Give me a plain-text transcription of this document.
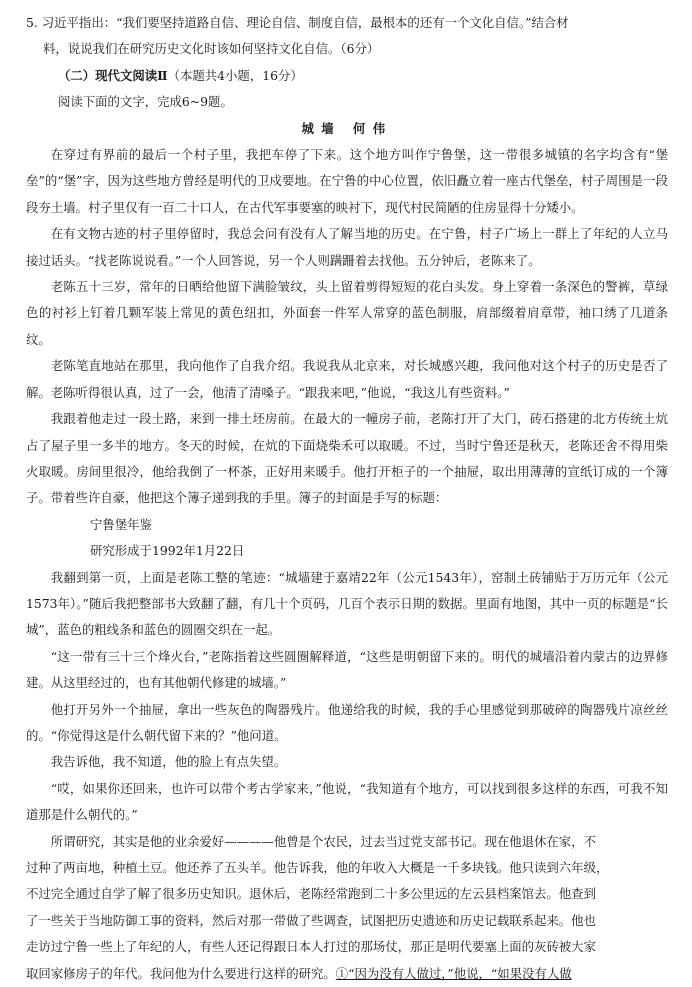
5. 习近平指出：“我们要坚持道路自信、理论自信、制度自信，最根本的还有一个文化自信。”结合材
料，说说我们在研究历史文化时该如何坚持文化自信。（6分）
（二）现代文阅读Ⅱ（本题共4小题，16分）
阅读下面的文字，完成6~9题。
城墙 何伟

在穿过有界前的最后一个村子里，我把车停了下来。这个地方叫作宁鲁堡，这一带很多城镇的名字均含有“堡垒”的“堡”字，因为这些地方曾经是明代的卫戍要地。在宁鲁的中心位置，依旧矗立着一座古代堡垒，村子周围是一段段夯土墙。村子里仅有一百二十口人，在古代军事要塞的映衬下，现代村民简陋的住房显得十分矮小。

在有文物古迹的村子里停留时，我总会问有没有人了解当地的历史。在宁鲁，村子广场上一群上了年纪的人立马接过话头。“找老陈说说看。”一个人回答说，另一个人则蹒跚着去找他。五分钟后，老陈来了。

老陈五十三岁，常年的日晒给他留下满脸皱纹，头上留着剪得短短的花白头发。身上穿着一条深色的警裤，草绿色的衬衫上钉着几颗军装上常见的黄色纽扣，外面套一件军人常穿的蓝色制服，肩部缀着肩章带，袖口绣了几道条纹。

老陈笔直地站在那里，我向他作了自我介绍。我说我从北京来，对长城感兴趣，我问他对这个村子的历史是否了解。老陈听得很认真，过了一会，他清了清嗓子。“跟我来吧，”他说，“我这儿有些资料。”

我跟着他走过一段土路，来到一排土坯房前。在最大的一幢房子前，老陈打开了大门，砖石搭建的北方传统土炕占了屋子里一多半的地方。冬天的时候，在炕的下面烧柴禾可以取暖。不过，当时宁鲁还是秋天，老陈还舍不得用柴火取暖。房间里很冷，他给我倒了一杯茶，正好用来暖手。他打开柜子的一个抽屉，取出用薄薄的宣纸订成的一个簿子。带着些许自豪，他把这个簿子递到我的手里。簿子的封面是手写的标题：

宁鲁堡年鉴
研究形成于1992年1月22日

我翻到第一页，上面是老陈工整的笔迹：“城墙建于嘉靖22年（公元1543年），窑制土砖铺贴于万历元年（公元1573年）。”随后我把整部书大致翻了翻，有几十个页码，几百个表示日期的数据。里面有地图，其中一页的标题是“长城”，蓝色的粗线条和蓝色的圆圈交织在一起。

“这一带有三十三个烽火台，”老陈指着这些圆圈解释道，“这些是明朝留下来的。明代的城墙沿着内蒙古的边界修建。从这里经过的，也有其他朝代修建的城墙。”

他打开另外一个抽屉，拿出一些灰色的陶器残片。他递给我的时候，我的手心里感觉到那破碎的陶器残片凉丝丝的。“你觉得这是什么朝代留下来的？”他问道。

我告诉他，我不知道，他的脸上有点失望。

“哎，如果你还回来，也许可以带个考古学家来，”他说，“我知道有个地方，可以找到很多这样的东西，可我不知道那是什么朝代的。”

所谓研究，其实是他的业余爱好————他曾是个农民，过去当过党支部书记。现在他退休在家，不
过种了两亩地，种植土豆。他还养了五头羊。他告诉我，他的年收入大概是一千多块钱。他只读到六年级，
不过完全通过自学了解了很多历史知识。退休后，老陈经常跑到二十多公里远的左云县档案馆去。他查到
了一些关于当地防御工事的资料，然后对那一带做了些调查，试图把历史遗迹和历史记载联系起来。他也
走访过宁鲁一些上了年纪的人，有些人还记得跟日本人打过的那场仗，那正是明代要塞上面的灰砖被大家
取回家修房子的年代。我问他为什么要进行这样的研究。①“因为没有人做过，”他说，“如果没有人做
